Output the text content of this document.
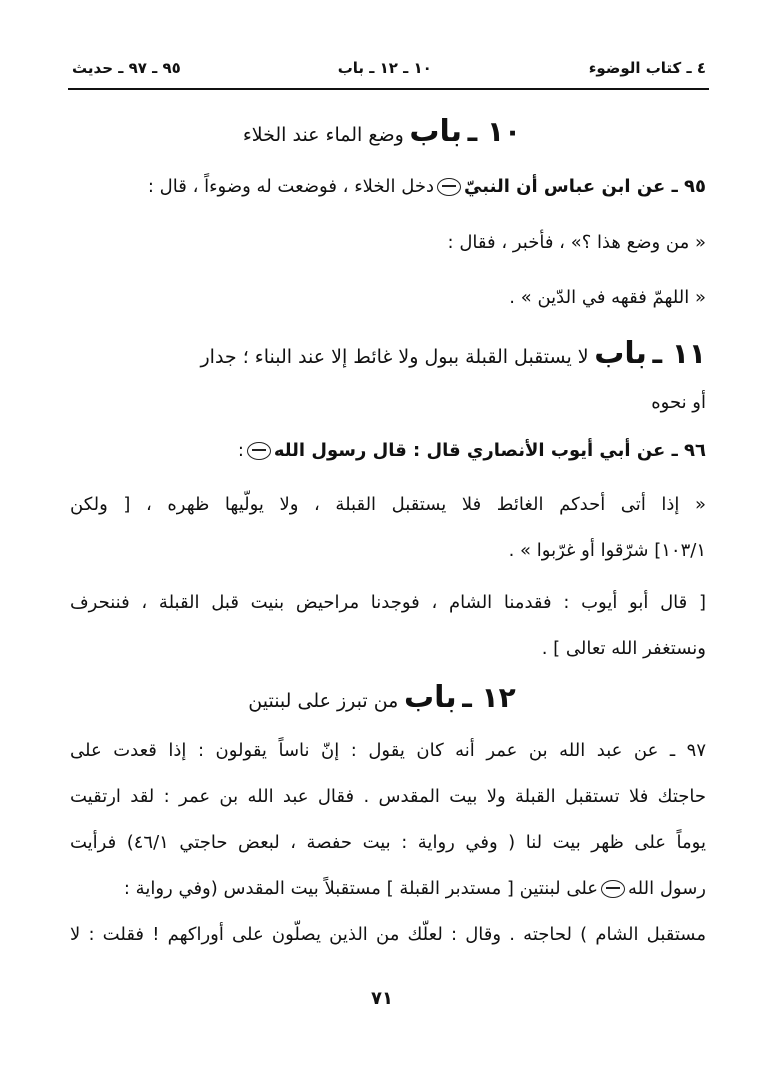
٤ ـ كتاب الوضوء
١٠ ـ ١٢ ـ باب
٩٥ ـ ٩٧ ـ حديث
١٠ ـ باب وضع الماء عند الخلاء
٩٥ ـ عن ابن عباس أن النبيّدخل الخلاء ، فوضعت له وضوءاً ، قال :
« من وضع هذا ؟» ، فأخبر ، فقال :
« اللهمّ فقهه في الدّين » .
١١ ـ باب لا يستقبل القبلة ببول ولا غائط إلا عند البناء ؛ جدار
أو نحوه
٩٦ ـ عن أبي أيوب الأنصاري قال : قال رسول الله:
« إذا أتى أحدكم الغائط فلا يستقبل القبلة ، ولا يولّيها ظهره ، [ ولكن
١٠٣/١] شرّقوا أو غرّبوا » .
[ قال أبو أيوب : فقدمنا الشام ، فوجدنا مراحيض بنيت قبل القبلة ، فننحرف
ونستغفر الله تعالى ] .
١٢ ـ باب من تبرز على لبنتين
٩٧ ـ عن عبد الله بن عمر أنه كان يقول : إنّ ناساً يقولون : إذا قعدت على
حاجتك فلا تستقبل القبلة ولا بيت المقدس . فقال عبد الله بن عمر : لقد ارتقيت
يوماً على ظهر بيت لنا ( وفي رواية : بيت حفصة ، لبعض حاجتي ٤٦/١) فرأيت
رسول اللهعلى لبنتين [ مستدبر القبلة ] مستقبلاً بيت المقدس (وفي رواية :
مستقبل الشام ) لحاجته . وقال : لعلّك من الذين يصلّون على أوراكهم ! فقلت : لا
٧١
